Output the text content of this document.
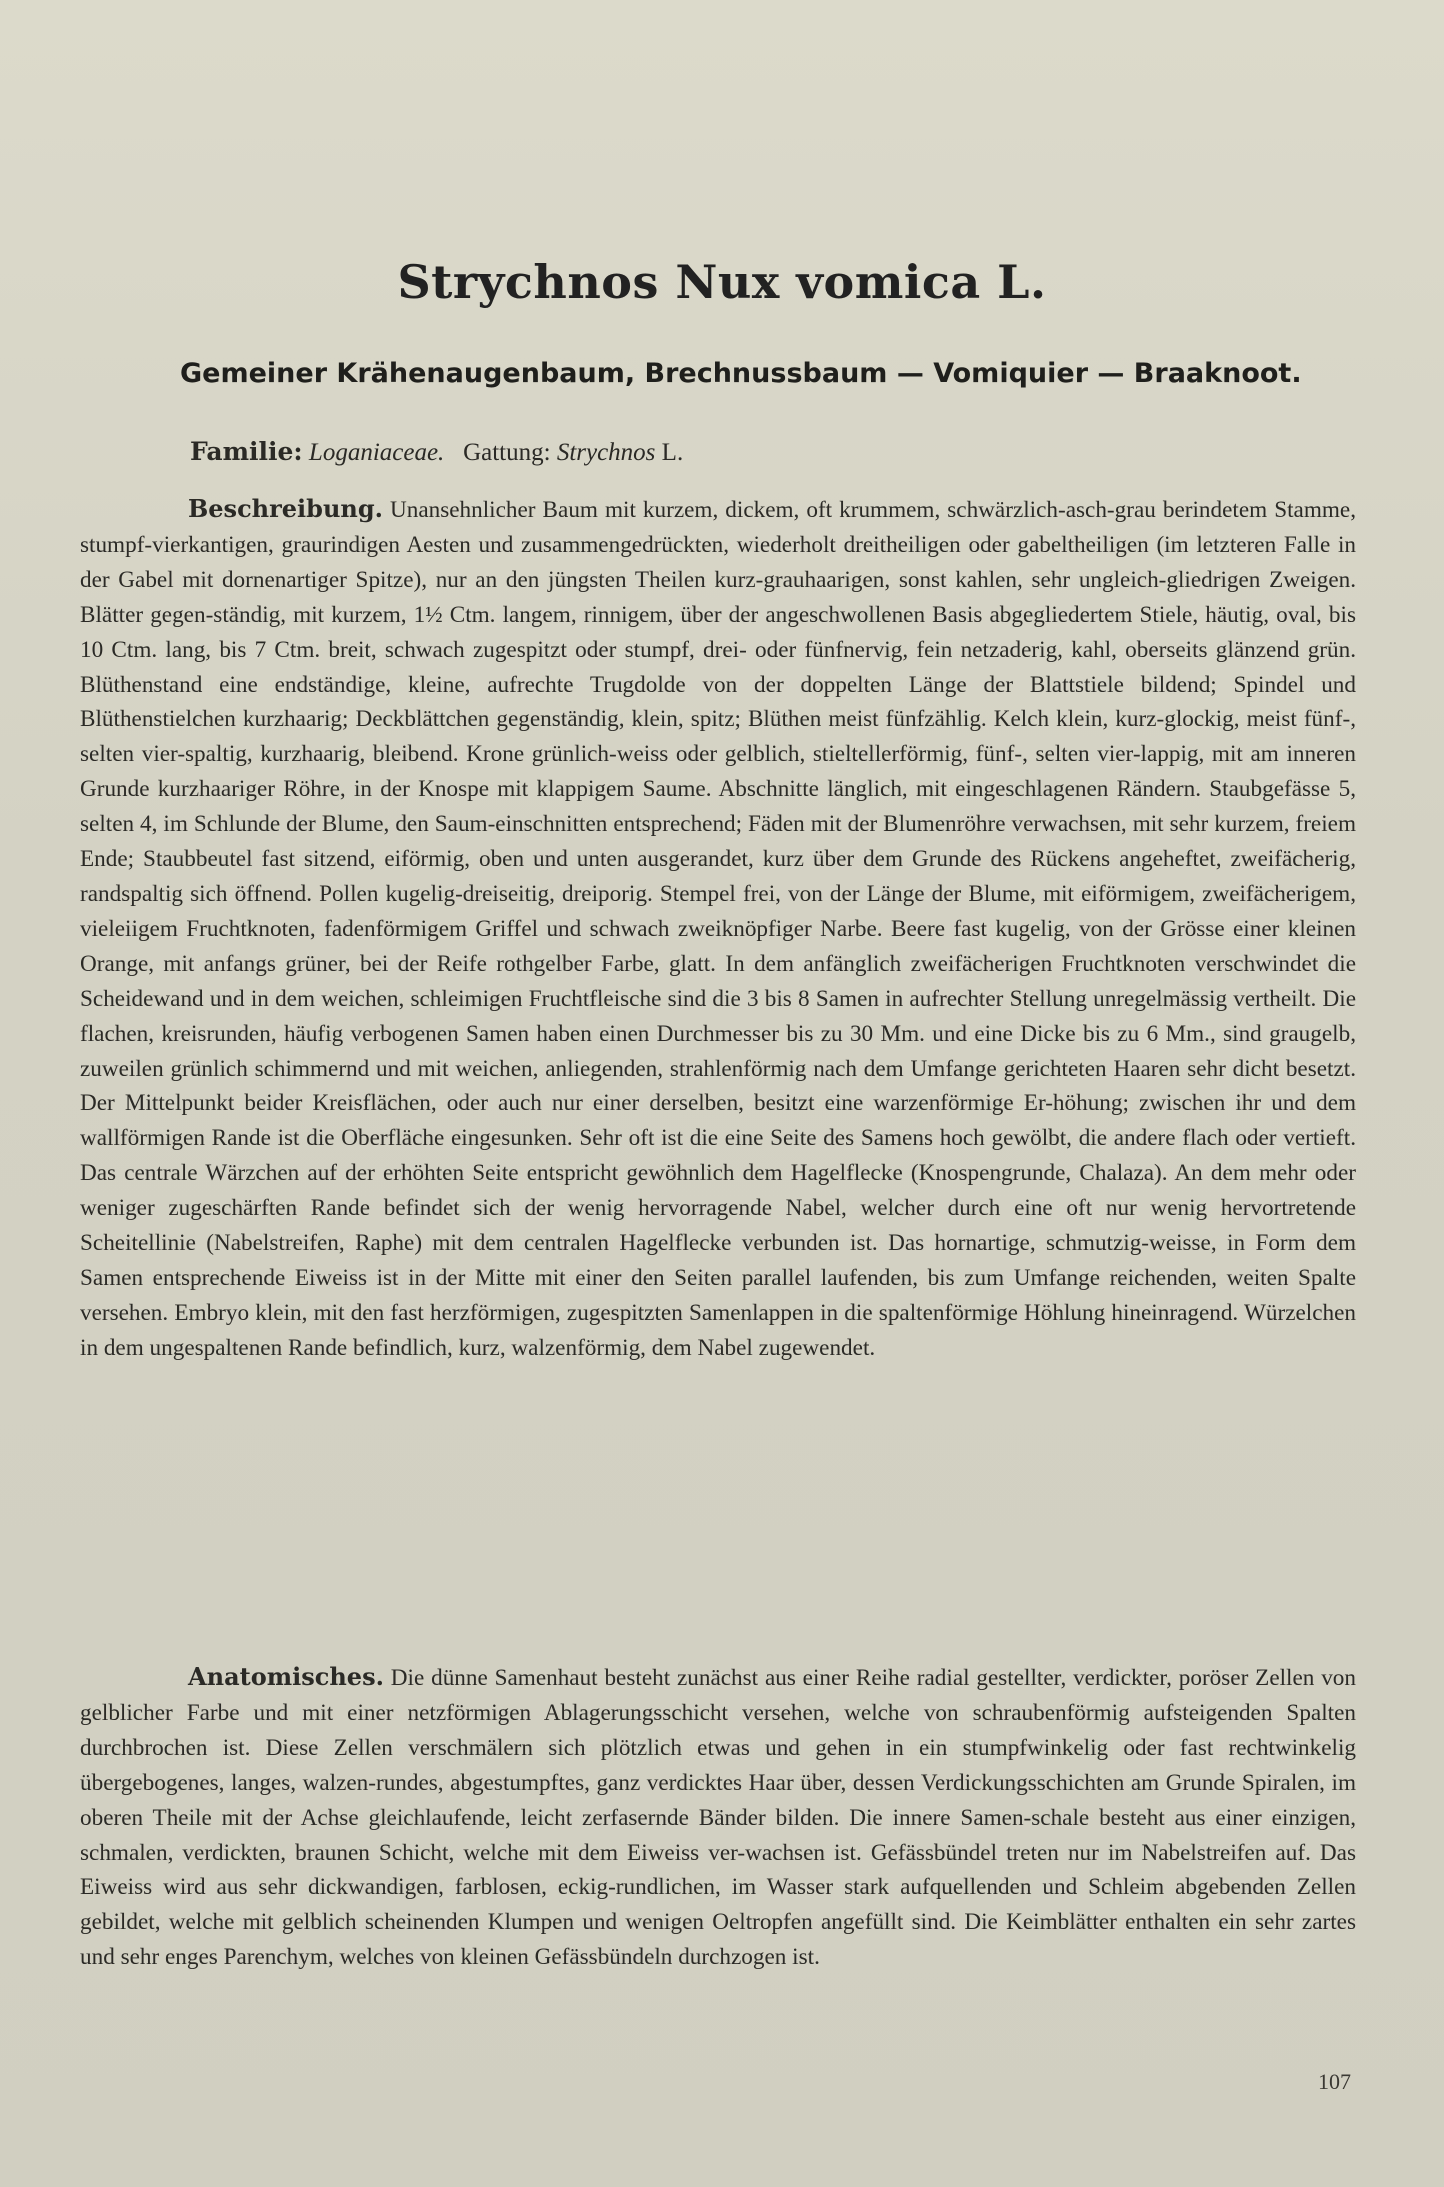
Strychnos Nux vomica L.
Gemeiner Krähenaugenbaum, Brechnussbaum — Vomiquier — Braaknoot.
Familie: Loganiaceae. Gattung: Strychnos L.

Beschreibung. Unansehnlicher Baum mit kurzem, dickem, oft krummem, schwärzlich-asch-grau berindetem Stamme, stumpf-vierkantigen, graurindigen Aesten und zusammengedrückten, wiederholt dreitheiligen oder gabeltheiligen (im letzteren Falle in der Gabel mit dornenartiger Spitze), nur an den jüngsten Theilen kurz-grauhaarigen, sonst kahlen, sehr ungleich-gliedrigen Zweigen. Blätter gegen-ständig, mit kurzem, 1½ Ctm. langem, rinnigem, über der angeschwollenen Basis abgegliedertem Stiele, häutig, oval, bis 10 Ctm. lang, bis 7 Ctm. breit, schwach zugespitzt oder stumpf, drei- oder fünfnervig, fein netzaderig, kahl, oberseits glänzend grün. Blüthenstand eine endständige, kleine, aufrechte Trugdolde von der doppelten Länge der Blattstiele bildend; Spindel und Blüthenstielchen kurzhaarig; Deckblättchen gegenständig, klein, spitz; Blüthen meist fünfzählig. Kelch klein, kurz-glockig, meist fünf-, selten vier-spaltig, kurzhaarig, bleibend. Krone grünlich-weiss oder gelblich, stieltellerförmig, fünf-, selten vier-lappig, mit am inneren Grunde kurzhaariger Röhre, in der Knospe mit klappigem Saume. Abschnitte länglich, mit eingeschlagenen Rändern. Staubgefässe 5, selten 4, im Schlunde der Blume, den Saum-einschnitten entsprechend; Fäden mit der Blumenröhre verwachsen, mit sehr kurzem, freiem Ende; Staubbeutel fast sitzend, eiförmig, oben und unten ausgerandet, kurz über dem Grunde des Rückens angeheftet, zweifächerig, randspaltig sich öffnend. Pollen kugelig-dreiseitig, dreiporig. Stempel frei, von der Länge der Blume, mit eiförmigem, zweifächerigem, vieleiigem Fruchtknoten, fadenförmigem Griffel und schwach zweiknöpfiger Narbe. Beere fast kugelig, von der Grösse einer kleinen Orange, mit anfangs grüner, bei der Reife rothgelber Farbe, glatt. In dem anfänglich zweifächerigen Fruchtknoten verschwindet die Scheidewand und in dem weichen, schleimigen Fruchtfleische sind die 3 bis 8 Samen in aufrechter Stellung unregelmässig vertheilt. Die flachen, kreisrunden, häufig verbogenen Samen haben einen Durchmesser bis zu 30 Mm. und eine Dicke bis zu 6 Mm., sind graugelb, zuweilen grünlich schimmernd und mit weichen, anliegenden, strahlenförmig nach dem Umfange gerichteten Haaren sehr dicht besetzt. Der Mittelpunkt beider Kreisflächen, oder auch nur einer derselben, besitzt eine warzenförmige Er-höhung; zwischen ihr und dem wallförmigen Rande ist die Oberfläche eingesunken. Sehr oft ist die eine Seite des Samens hoch gewölbt, die andere flach oder vertieft. Das centrale Wärzchen auf der erhöhten Seite entspricht gewöhnlich dem Hagelflecke (Knospengrunde, Chalaza). An dem mehr oder weniger zugeschärften Rande befindet sich der wenig hervorragende Nabel, welcher durch eine oft nur wenig hervortretende Scheitellinie (Nabelstreifen, Raphe) mit dem centralen Hagelflecke verbunden ist. Das hornartige, schmutzig-weisse, in Form dem Samen entsprechende Eiweiss ist in der Mitte mit einer den Seiten parallel laufenden, bis zum Umfange reichenden, weiten Spalte versehen. Embryo klein, mit den fast herzförmigen, zugespitzten Samenlappen in die spaltenförmige Höhlung hineinragend. Würzelchen in dem ungespaltenen Rande befindlich, kurz, walzenförmig, dem Nabel zugewendet.

Anatomisches. Die dünne Samenhaut besteht zunächst aus einer Reihe radial gestellter, verdickter, poröser Zellen von gelblicher Farbe und mit einer netzförmigen Ablagerungsschicht versehen, welche von schraubenförmig aufsteigenden Spalten durchbrochen ist. Diese Zellen verschmälern sich plötzlich etwas und gehen in ein stumpfwinkelig oder fast rechtwinkelig übergebogenes, langes, walzen-rundes, abgestumpftes, ganz verdicktes Haar über, dessen Verdickungsschichten am Grunde Spiralen, im oberen Theile mit der Achse gleichlaufende, leicht zerfasernde Bänder bilden. Die innere Samen-schale besteht aus einer einzigen, schmalen, verdickten, braunen Schicht, welche mit dem Eiweiss ver-wachsen ist. Gefässbündel treten nur im Nabelstreifen auf. Das Eiweiss wird aus sehr dickwandigen, farblosen, eckig-rundlichen, im Wasser stark aufquellenden und Schleim abgebenden Zellen gebildet, welche mit gelblich scheinenden Klumpen und wenigen Oeltropfen angefüllt sind. Die Keimblätter enthalten ein sehr zartes und sehr enges Parenchym, welches von kleinen Gefässbündeln durchzogen ist.

107
